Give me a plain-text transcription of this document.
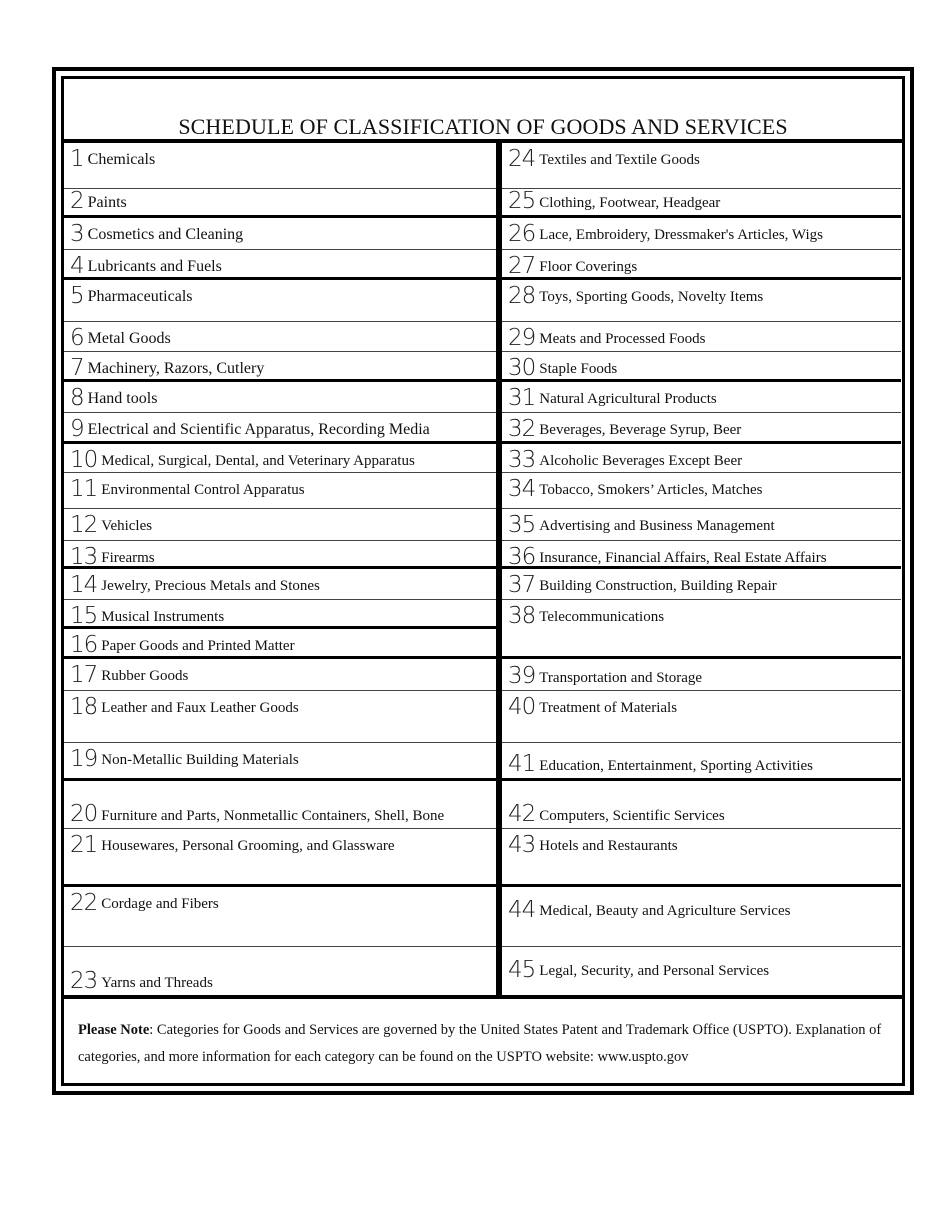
SCHEDULE OF CLASSIFICATION OF GOODS AND SERVICES
1 Chemicals
2 Paints
3 Cosmetics and Cleaning
4 Lubricants and Fuels
5 Pharmaceuticals
6 Metal Goods
7 Machinery, Razors, Cutlery
8 Hand tools
9 Electrical and Scientific Apparatus, Recording Media
10 Medical, Surgical, Dental, and Veterinary Apparatus
11 Environmental Control Apparatus
12 Vehicles
13 Firearms
14 Jewelry, Precious Metals and Stones
15 Musical Instruments
16 Paper Goods and Printed Matter
17 Rubber Goods
18 Leather and Faux Leather Goods
19 Non-Metallic Building Materials
20 Furniture and Parts, Nonmetallic Containers, Shell, Bone
21 Housewares, Personal Grooming, and Glassware
22 Cordage and Fibers
23 Yarns and Threads
24 Textiles and Textile Goods
25 Clothing, Footwear, Headgear
26 Lace, Embroidery, Dressmaker's Articles, Wigs
27 Floor Coverings
28 Toys, Sporting Goods, Novelty Items
29 Meats and Processed Foods
30 Staple Foods
31 Natural Agricultural Products
32 Beverages, Beverage Syrup, Beer
33 Alcoholic Beverages Except Beer
34 Tobacco, Smokers’ Articles, Matches
35 Advertising and Business Management
36 Insurance, Financial Affairs, Real Estate Affairs
37 Building Construction, Building Repair
38 Telecommunications
39 Transportation and Storage
40 Treatment of Materials
41 Education, Entertainment, Sporting Activities
42 Computers, Scientific Services
43 Hotels and Restaurants
44 Medical, Beauty and Agriculture Services
45 Legal, Security, and Personal Services
Please Note: Categories for Goods and Services are governed by the United States Patent and Trademark Office (USPTO). Explanation of categories, and more information for each category can be found on the USPTO website: www.uspto.gov
